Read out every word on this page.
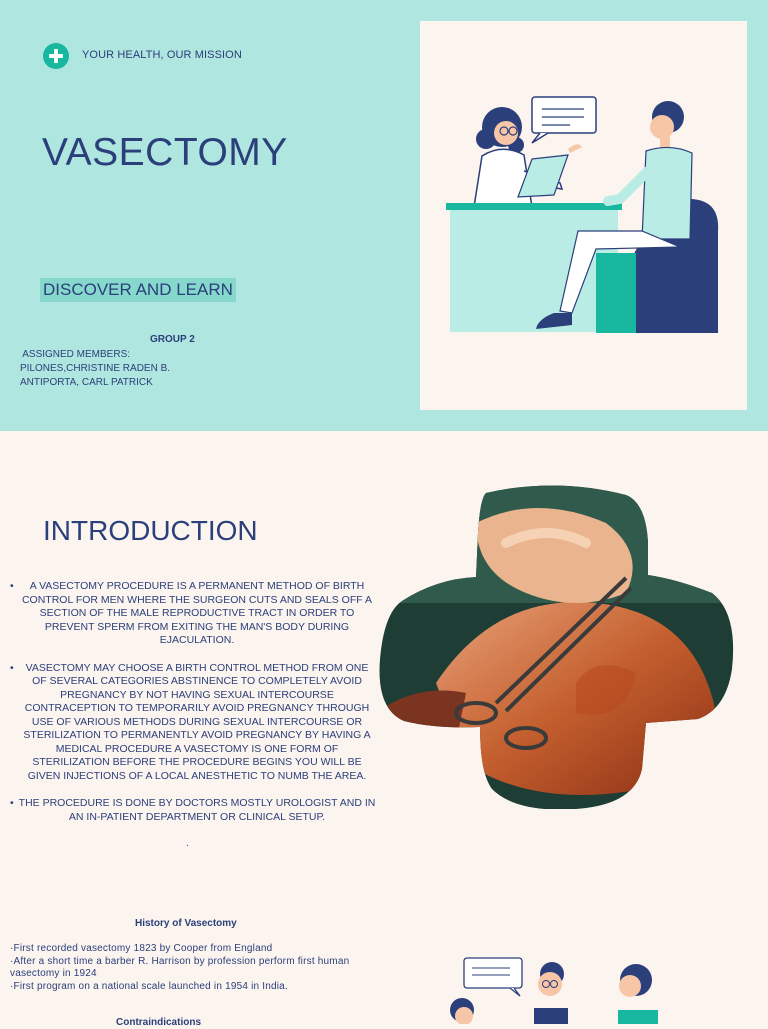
YOUR HEALTH, OUR MISSION
VASECTOMY
DISCOVER AND LEARN
GROUP 2
ASSIGNED MEMBERS:
PILONES,CHRISTINE RADEN B.
ANTIPORTA, CARL PATRICK
INTRODUCTION
• A VASECTOMY PROCEDURE IS A PERMANENT METHOD OF BIRTH CONTROL FOR MEN WHERE THE SURGEON CUTS AND SEALS OFF A SECTION OF THE MALE REPRODUCTIVE TRACT IN ORDER TO PREVENT SPERM FROM EXITING THE MAN'S BODY DURING EJACULATION.
• VASECTOMY MAY CHOOSE A BIRTH CONTROL METHOD FROM ONE OF SEVERAL CATEGORIES ABSTINENCE TO COMPLETELY AVOID PREGNANCY BY NOT HAVING SEXUAL INTERCOURSE CONTRACEPTION TO TEMPORARILY AVOID PREGNANCY THROUGH USE OF VARIOUS METHODS DURING SEXUAL INTERCOURSE OR STERILIZATION TO PERMANENTLY AVOID PREGNANCY BY HAVING A MEDICAL PROCEDURE A VASECTOMY IS ONE FORM OF STERILIZATION BEFORE THE PROCEDURE BEGINS YOU WILL BE GIVEN INJECTIONS OF A LOCAL ANESTHETIC TO NUMB THE AREA.
• THE PROCEDURE IS DONE BY DOCTORS MOSTLY UROLOGIST AND IN AN IN-PATIENT DEPARTMENT OR CLINICAL SETUP.
.
History of Vasectomy
·First recorded vasectomy 1823 by Cooper from England
·After a short time a barber R. Harrison by profession perform first human vasectomy in 1924
·First program on a national scale launched in 1954 in India.
Contraindications
